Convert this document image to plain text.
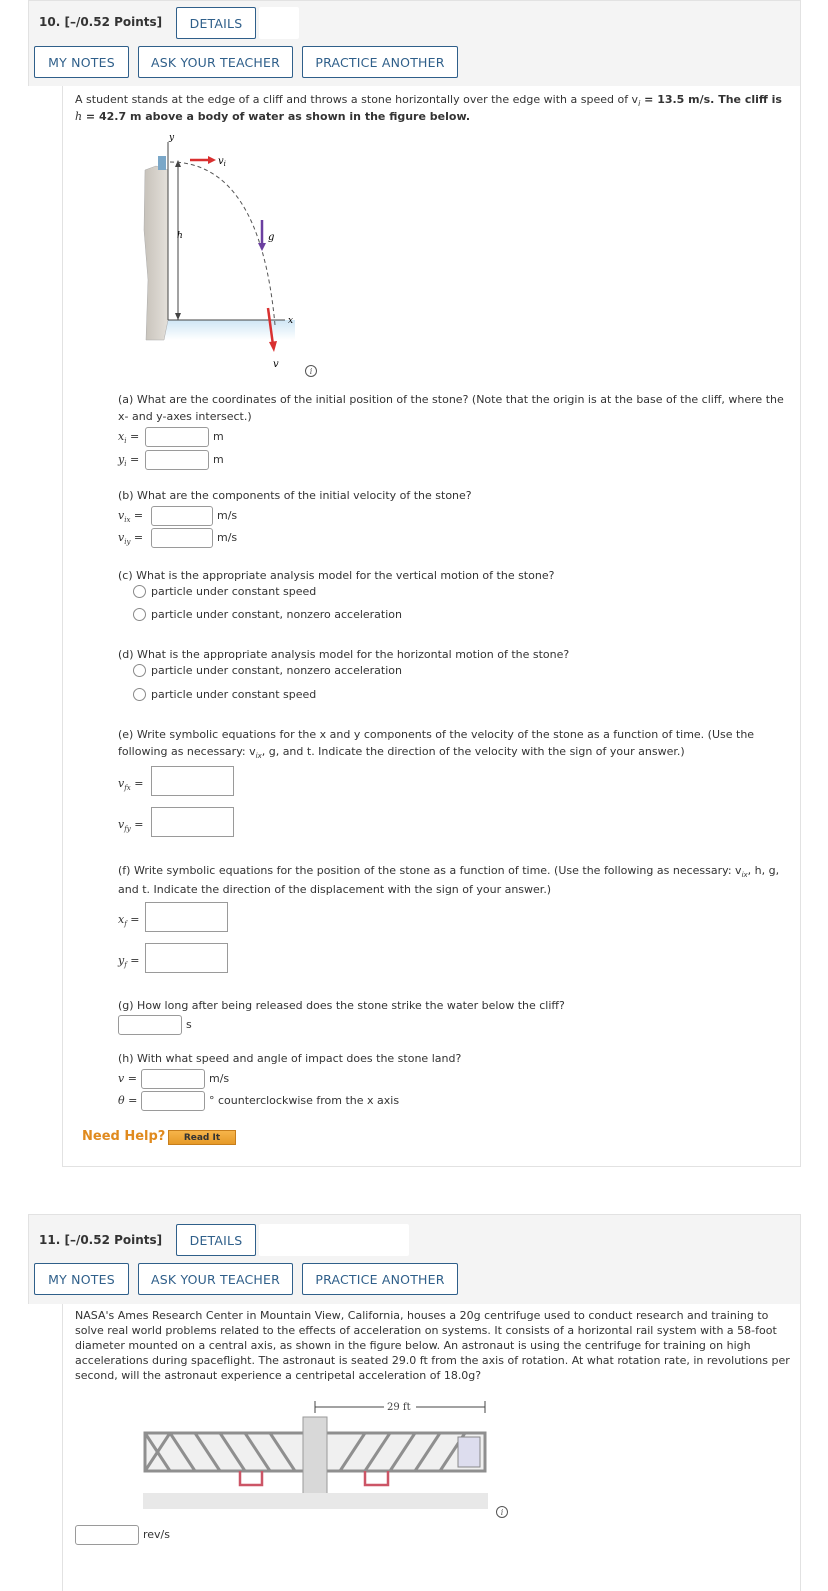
10. [–/0.52 Points]	DETAILS
MY NOTES	ASK YOUR TEACHER	PRACTICE ANOTHER
A student stands at the edge of a cliff and throws a stone horizontally over the edge with a speed of $v_i = 13.5$ m/s. The cliff is
h = 42.7 m above a body of water as shown in the figure below.
y
x
h
$v_i$
g
v
i
(a) What are the coordinates of the initial position of the stone? (Note that the origin is at the base of the cliff, where the
x- and y-axes intersect.)
$x_i$ =	m
$y_i$ =	m
(b) What are the components of the initial velocity of the stone?
$v_{ix}$ =	m/s
$v_{iy}$ =	m/s
(c) What is the appropriate analysis model for the vertical motion of the stone?
particle under constant speed
particle under constant, nonzero acceleration
(d) What is the appropriate analysis model for the horizontal motion of the stone?
particle under constant, nonzero acceleration
particle under constant speed
(e) Write symbolic equations for the x and y components of the velocity of the stone as a function of time. (Use the
following as necessary: $v_{ix}$, g, and t. Indicate the direction of the velocity with the sign of your answer.)
$v_{fx}$ =
$v_{fy}$ =
(f) Write symbolic equations for the position of the stone as a function of time. (Use the following as necessary: $v_{ix}$, h, g,
and t. Indicate the direction of the displacement with the sign of your answer.)
$x_f$ =
$y_f$ =
(g) How long after being released does the stone strike the water below the cliff?
s
(h) With what speed and angle of impact does the stone land?
v =	m/s
θ =	° counterclockwise from the x axis
Need Help?	Read It
11. [–/0.52 Points]	DETAILS
MY NOTES	ASK YOUR TEACHER	PRACTICE ANOTHER
NASA's Ames Research Center in Mountain View, California, houses a 20g centrifuge used to conduct research and training to
solve real world problems related to the effects of acceleration on systems. It consists of a horizontal rail system with a 58-foot
diameter mounted on a central axis, as shown in the figure below. An astronaut is using the centrifuge for training on high
accelerations during spaceflight. The astronaut is seated 29.0 ft from the axis of rotation. At what rotation rate, in revolutions per
second, will the astronaut experience a centripetal acceleration of 18.0g?
29 ft
i
rev/s
